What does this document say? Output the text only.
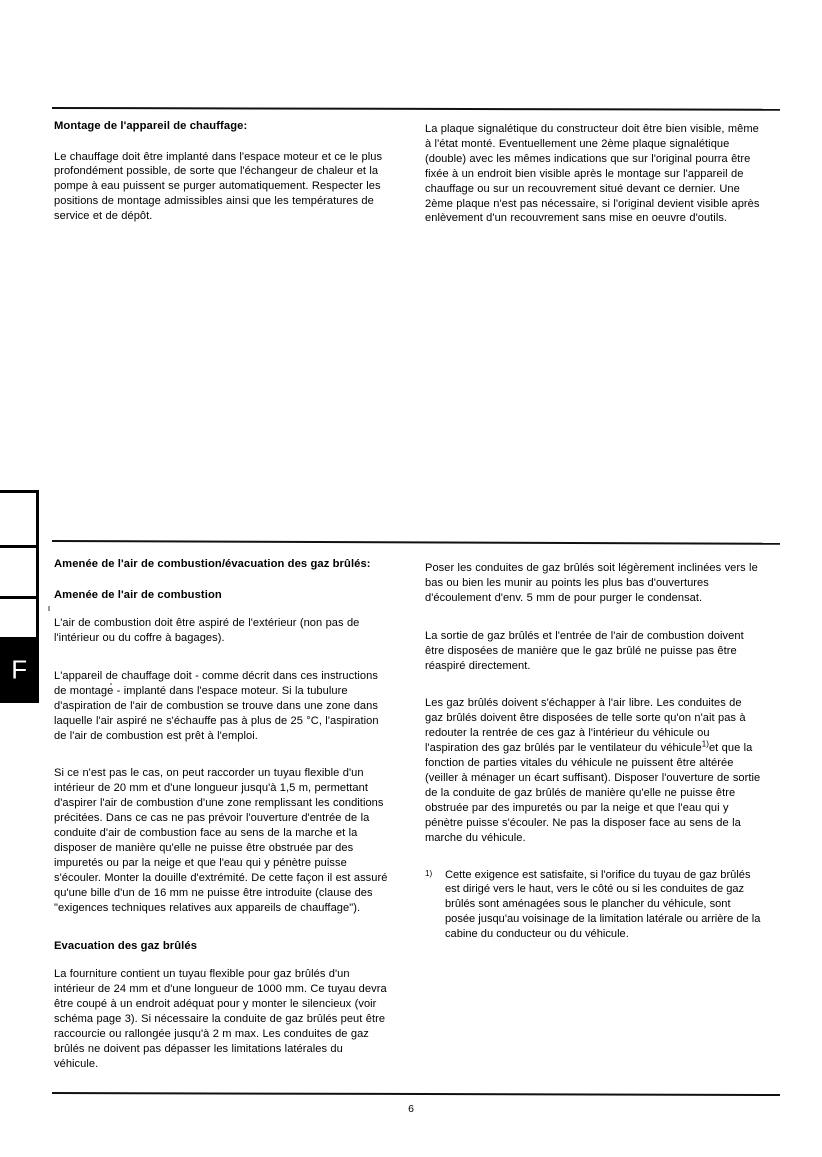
Montage de l'appareil de chauffage:

Le chauffage doit être implanté dans l'espace moteur et ce le plus profondément possible, de sorte que l'échangeur de chaleur et la pompe à eau puissent se purger automatiquement. Respecter les positions de montage admissibles ainsi que les températures de service et de dépôt.

La plaque signalétique du constructeur doit être bien visible, même à l'état monté. Eventuellement une 2ème plaque signalétique (double) avec les mêmes indications que sur l'original pourra être fixée à un endroit bien visible après le montage sur l'appareil de chauffage ou sur un recouvrement situé devant ce dernier. Une 2ème plaque n'est pas nécessaire, si l'original devient visible après enlèvement d'un recouvrement sans mise en oeuvre d'outils.

F
Amenée de l'air de combustion/évacuation des gaz brûlés:
Amenée de l'air de combustion

L'air de combustion doit être aspiré de l'extérieur (non pas de l'intérieur ou du coffre à bagages).

L'appareil de chauffage doit - comme décrit dans ces instructions de montage - implanté dans l'espace moteur. Si la tubulure d'aspiration de l'air de combustion se trouve dans une zone dans laquelle l'air aspiré ne s'échauffe pas à plus de 25 °C, l'aspiration de l'air de combustion est prêt à l'emploi.

Si ce n'est pas le cas, on peut raccorder un tuyau flexible d'un intérieur de 20 mm et d'une longueur jusqu'à 1,5 m, permettant d'aspirer l'air de combustion d'une zone remplissant les conditions précitées. Dans ce cas ne pas prévoir l'ouverture d'entrée de la conduite d'air de combustion face au sens de la marche et la disposer de manière qu'elle ne puisse être obstruée par des impuretés ou par la neige et que l'eau qui y pénètre puisse s'écouler. Monter la douille d'extrémité. De cette façon il est assuré qu'une bille d'un de 16 mm ne puisse être introduite (clause des "exigences techniques relatives aux appareils de chauffage").

Evacuation des gaz brûlés

La fourniture contient un tuyau flexible pour gaz brûlés d'un intérieur de 24 mm et d'une longueur de 1000 mm. Ce tuyau devra être coupé à un endroit adéquat pour y monter le silencieux (voir schéma page 3). Si nécessaire la conduite de gaz brûlés peut être raccourcie ou rallongée jusqu'à 2 m max. Les conduites de gaz brûlés ne doivent pas dépasser les limitations latérales du véhicule.

Poser les conduites de gaz brûlés soit légèrement inclinées vers le bas ou bien les munir au points les plus bas d'ouvertures d'écoulement d'env. 5 mm de pour purger le condensat.

La sortie de gaz brûlés et l'entrée de l'air de combustion doivent être disposées de manière que le gaz brûlé ne puisse pas être réaspiré directement.

Les gaz brûlés doivent s'échapper à l'air libre. Les conduites de gaz brûlés doivent être disposées de telle sorte qu'on n'ait pas à redouter la rentrée de ces gaz à l'intérieur du véhicule ou l'aspiration des gaz brûlés par le ventilateur du véhicule$^{1)}$et que la fonction de parties vitales du véhicule ne puissent être altérée (veiller à ménager un écart suffisant). Disposer l'ouverture de sortie de la conduite de gaz brûlés de manière qu'elle ne puisse être obstruée par des impuretés ou par la neige et que l'eau qui y pénètre puisse s'écouler. Ne pas la disposer face au sens de la marche du véhicule.

1) Cette exigence est satisfaite, si l'orifice du tuyau de gaz brûlés est dirigé vers le haut, vers le côté ou si les conduites de gaz brûlés sont aménagées sous le plancher du véhicule, sont posée jusqu'au voisinage de la limitation latérale ou arrière de la cabine du conducteur ou du véhicule.
6
